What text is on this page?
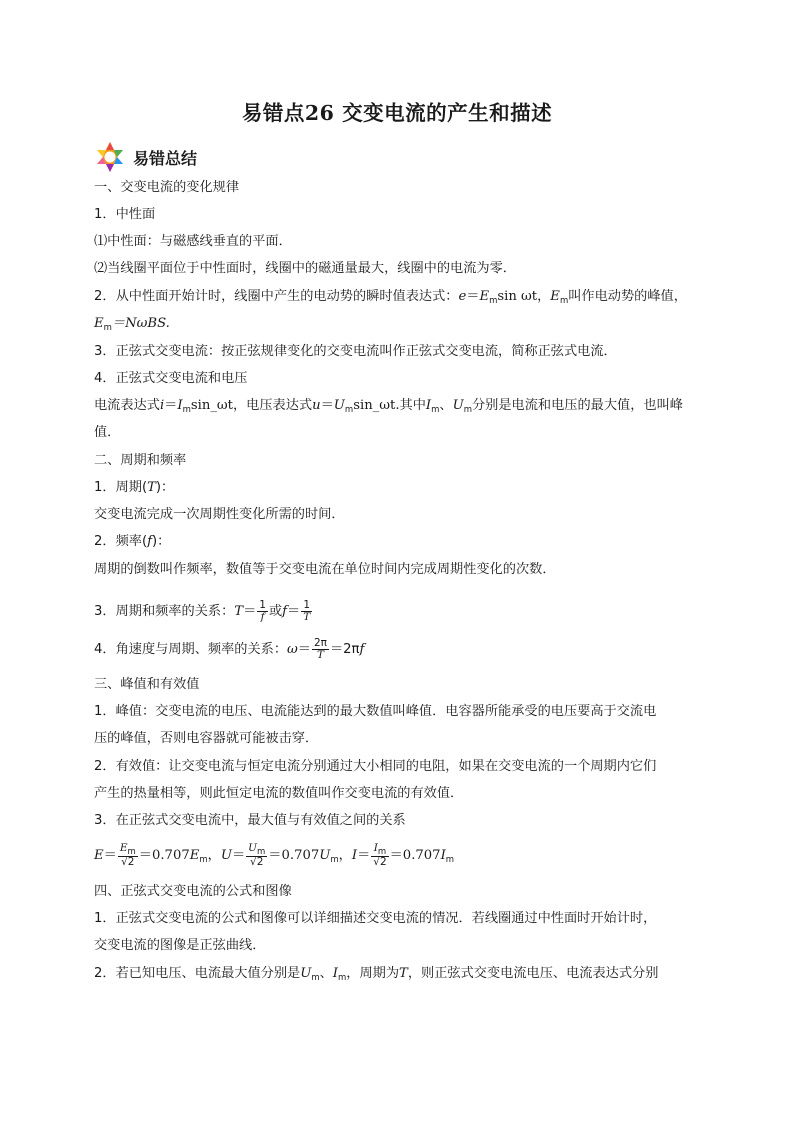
易错点26 交变电流的产生和描述
易错总结
一、交变电流的变化规律
1．中性面
⑴中性面：与磁感线垂直的平面．
⑵当线圈平面位于中性面时，线圈中的磁通量最大，线圈中的电流为零．
2．从中性面开始计时，线圈中产生的电动势的瞬时值表达式：$e=E_m\sin$ ωt，$E_m$叫作电动势的峰值，
$E_m=N\omega BS$.
3．正弦式交变电流：按正弦规律变化的交变电流叫作正弦式交变电流，简称正弦式电流．
4．正弦式交变电流和电压
电流表达式$i=I_m\sin\_\omega t$，电压表达式$u=U_m\sin\_\omega t$.其中$I_m$、$U_m$分别是电流和电压的最大值，也叫峰
值．
二、周期和频率
1．周期(T)：
交变电流完成一次周期性变化所需的时间．
2．频率(f)：
周期的倒数叫作频率，数值等于交变电流在单位时间内完成周期性变化的次数．
3．周期和频率的关系：$T= \frac{1}{f}$ 或$f= \frac{1}{T}$
4．角速度与周期、频率的关系：$\omega= \frac{2\pi}{T} =2\pi f$
三、峰值和有效值
1．峰值：交变电流的电压、电流能达到的最大数值叫峰值．电容器所能承受的电压要高于交流电
压的峰值，否则电容器就可能被击穿．
2．有效值：让交变电流与恒定电流分别通过大小相同的电阻，如果在交变电流的一个周期内它们
产生的热量相等，则此恒定电流的数值叫作交变电流的有效值．
3．在正弦式交变电流中，最大值与有效值之间的关系
$E= \frac{E_m}{√2} =0.707E_m$，$U= \frac{U_m}{√2} =0.707U_m$，$I= \frac{I_m}{√2} =0.707I_m$
四、正弦式交变电流的公式和图像
1．正弦式交变电流的公式和图像可以详细描述交变电流的情况．若线圈通过中性面时开始计时，
交变电流的图像是正弦曲线．
2．若已知电压、电流最大值分别是$U_m$、$I_m$，周期为T，则正弦式交变电流电压、电流表达式分别
